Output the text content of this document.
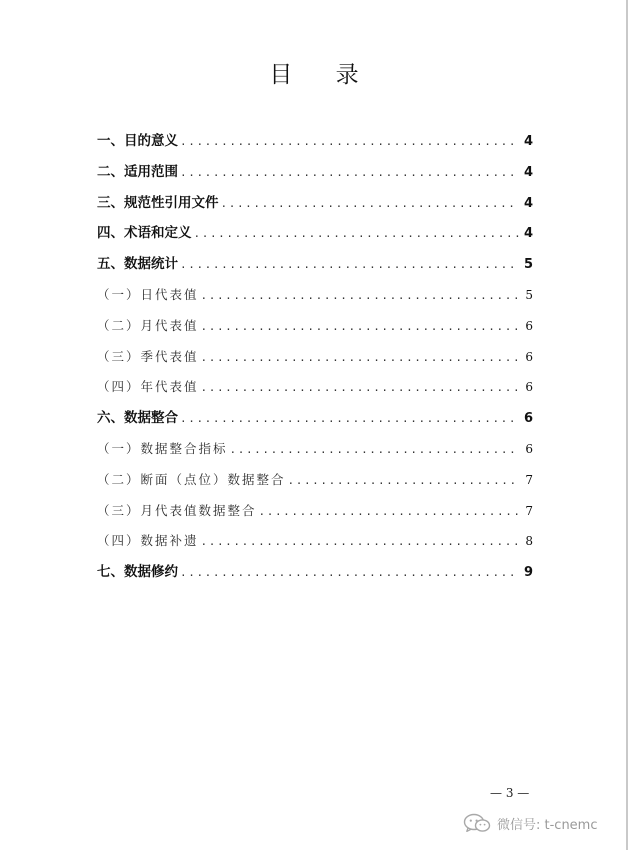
目 录
一、目的意义 .....	4
二、适用范围 .....	4
三、规范性引用文件 .....	4
四、术语和定义 .....	4
五、数据统计 .....	5
（一）日代表值 .....	5
（二）月代表值 .....	6
（三）季代表值 .....	6
（四）年代表值 .....	6
六、数据整合 .....	6
（一）数据整合指标 .....	6
（二）断面（点位）数据整合 .....	7
（三）月代表值数据整合 .....	7
（四）数据补遗 .....	8
七、数据修约 .....	9
— 3 —
微信号: t-cnemc
